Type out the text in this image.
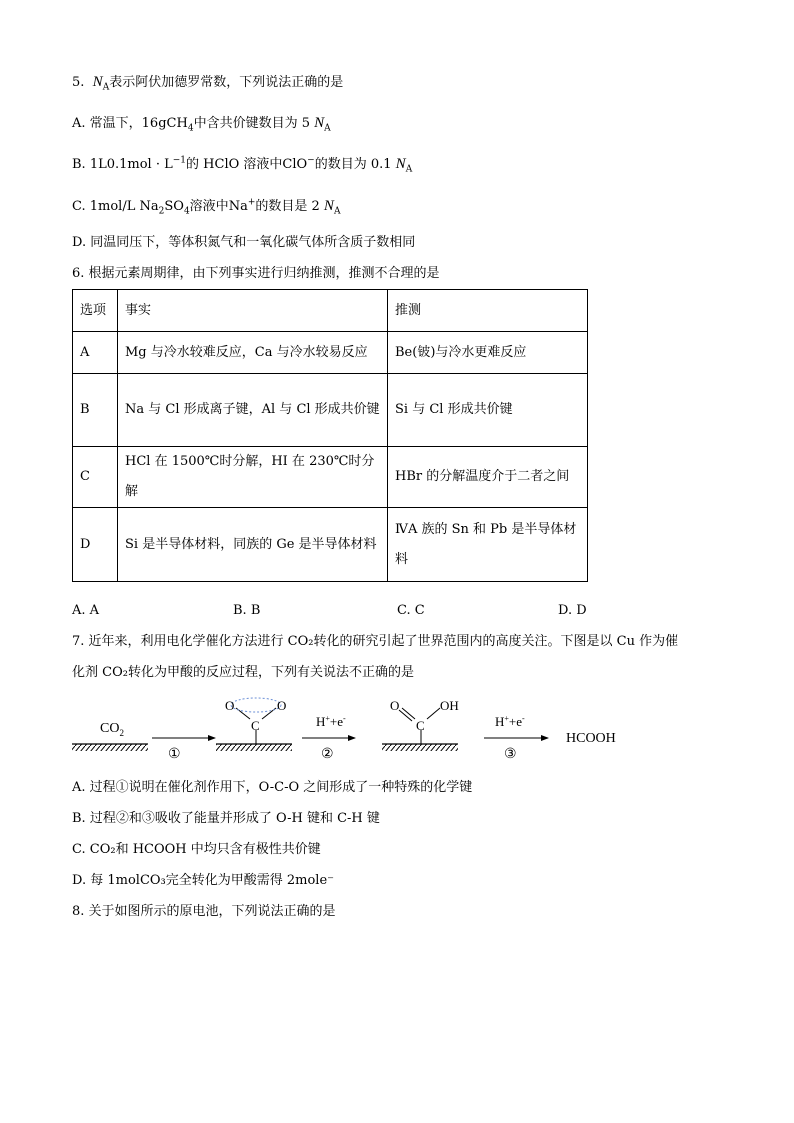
5. $N_A$表示阿伏加德罗常数，下列说法正确的是
A. 常温下，16gCH$_4$中含共价键数目为 5 $N_A$
B. $1L0.1mol \cdot L^{-1}$的 HClO 溶液中ClO−的数目为 0.1 $N_A$
C. 1mol/L $Na_2SO_4$溶液中Na+的数目是 2 $N_A$
D. 同温同压下，等体积氮气和一氧化碳气体所含质子数相同
6. 根据元素周期律，由下列事实进行归纳推测，推测不合理的是
选项	事实	推测
A	Mg 与冷水较难反应，Ca 与冷水较易反应	Be(铍)与冷水更难反应
B	Na 与 Cl 形成离子键，Al 与 Cl 形成共价键	Si 与 Cl 形成共价键
C	HCl 在 1500℃时分解，HI 在 230℃时分解	HBr 的分解温度介于二者之间
D	Si 是半导体材料，同族的 Ge 是半导体材料	ⅣA 族的 Sn 和 Pb 是半导体材料
A. A	B. B	C. C	D. D
7. 近年来，利用电化学催化方法进行 CO₂转化的研究引起了世界范围内的高度关注。下图是以 Cu 作为催
化剂 CO₂转化为甲酸的反应过程，下列有关说法不正确的是
$CO_2$
①
O	O
C	H++e-
②
O	OH
C	H++e-
③
HCOOH
A. 过程①说明在催化剂作用下，O-C-O 之间形成了一种特殊的化学键
B. 过程②和③吸收了能量并形成了 O-H 键和 C-H 键
C. CO₂和 HCOOH 中均只含有极性共价键
D. 每 1molCO₃完全转化为甲酸需得 2mole⁻
8. 关于如图所示的原电池，下列说法正确的是
